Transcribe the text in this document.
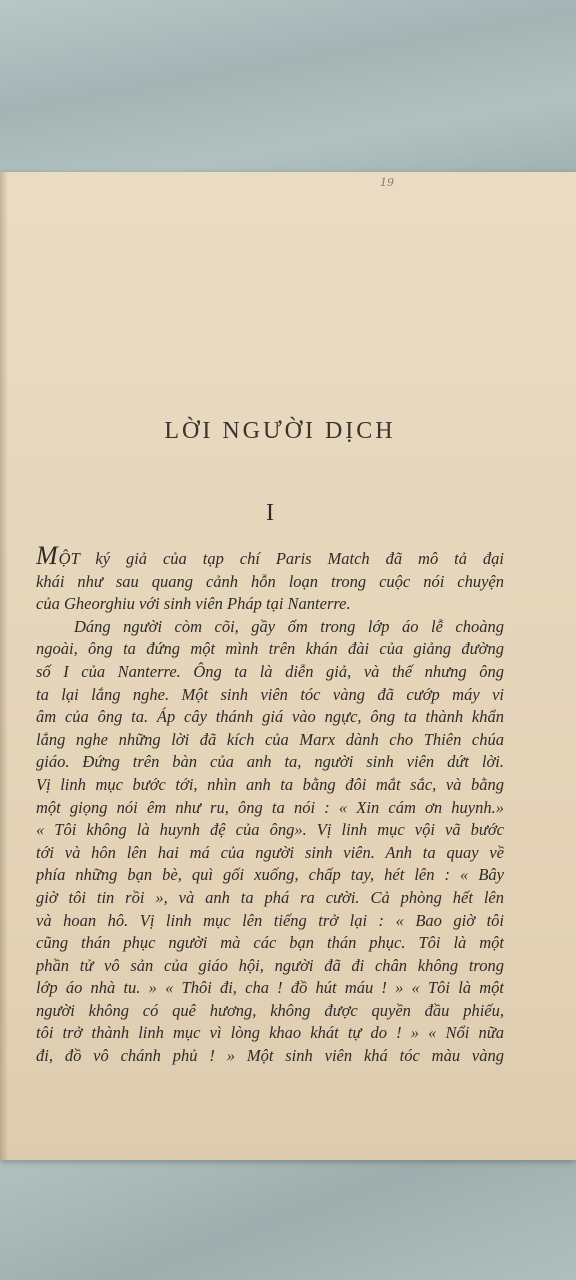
19
LỜI NGƯỜI DỊCH
I
MỘT ký giả của tạp chí Paris Match đã mô tả đại
khái như sau quang cảnh hỗn loạn trong cuộc nói chuyện
của Gheorghiu với sinh viên Pháp tại Nanterre.
Dáng người còm cõi, gầy ốm trong lớp áo lễ choàng
ngoài, ông ta đứng một mình trên khán đài của giảng đường
số I của Nanterre. Ông ta là diễn giả, và thế nhưng ông
ta lại lắng nghe. Một sinh viên tóc vàng đã cướp máy vi
âm của ông ta. Áp cây thánh giá vào ngực, ông ta thành khẩn
lắng nghe những lời đã kích của Marx dành cho Thiên chúa
giáo. Đứng trên bàn của anh ta, người sinh viên dứt lời.
Vị linh mục bước tới, nhìn anh ta bằng đôi mắt sắc, và bằng
một giọng nói êm như ru, ông ta nói : « Xin cám ơn huynh.»
« Tôi không là huynh đệ của ông». Vị linh mục vội vã bước
tới và hôn lên hai má của người sinh viên. Anh ta quay về
phía những bạn bè, quì gối xuống, chấp tay, hét lên : « Bây
giờ tôi tin rồi », và anh ta phá ra cười. Cả phòng hết lên
và hoan hô. Vị linh mục lên tiếng trở lại : « Bao giờ tôi
cũng thán phục người mà các bạn thán phục. Tôi là một
phần tử vô sản của giáo hội, người đã đi chân không trong
lớp áo nhà tu. » « Thôi đi, cha ! đồ hút máu ! » « Tôi là một
người không có quê hương, không được quyền đầu phiếu,
tôi trở thành linh mục vì lòng khao khát tự do ! » « Nổi nữa
đi, đồ vô chánh phủ ! » Một sinh viên khá tóc màu vàng
